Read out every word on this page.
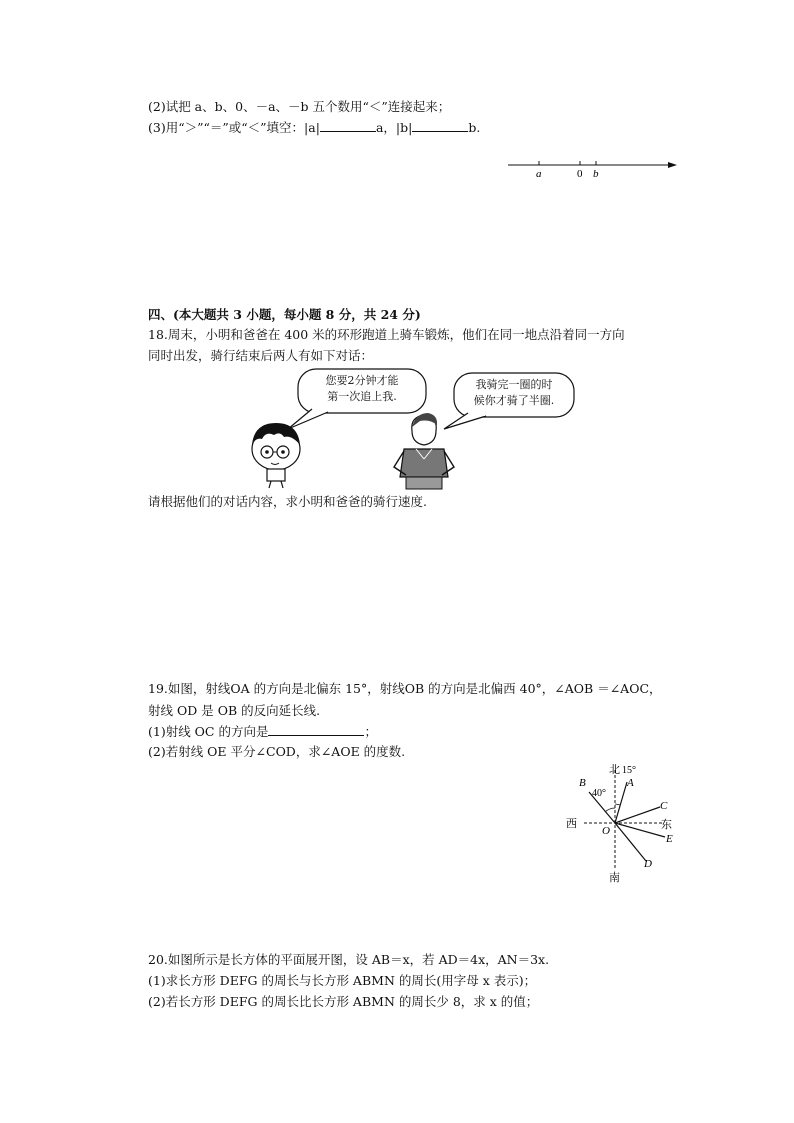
(2)试把 a、b、0、－a、－b 五个数用“＜”连接起来；
(3)用“＞”“＝”或“＜”填空：|a|	a，|b|	b.
a	0 b
四、(本大题共 3 小题，每小题 8 分，共 24 分)
18.周末，小明和爸爸在 400 米的环形跑道上骑车锻炼，他们在同一地点沿着同一方向
同时出发，骑行结束后两人有如下对话：
您要2分钟才能
第一次追上我.
我骑完一圈的时
候你才骑了半圈.
请根据他们的对话内容，求小明和爸爸的骑行速度.
19.如图，射线OA 的方向是北偏东 15°，射线OB 的方向是北偏西 40°，∠AOB ＝∠AOC，
射线 OD 是 OB 的反向延长线.
(1)射线 OC 的方向是	；
(2)若射线 OE 平分∠COD，求∠AOE 的度数.
北 15°
A
B
40°
C
西	东
O
E
D
南
20.如图所示是长方体的平面展开图，设 AB＝x，若 AD＝4x，AN＝3x.
(1)求长方形 DEFG 的周长与长方形 ABMN 的周长(用字母 x 表示)；
(2)若长方形 DEFG 的周长比长方形 ABMN 的周长少 8，求 x 的值；
